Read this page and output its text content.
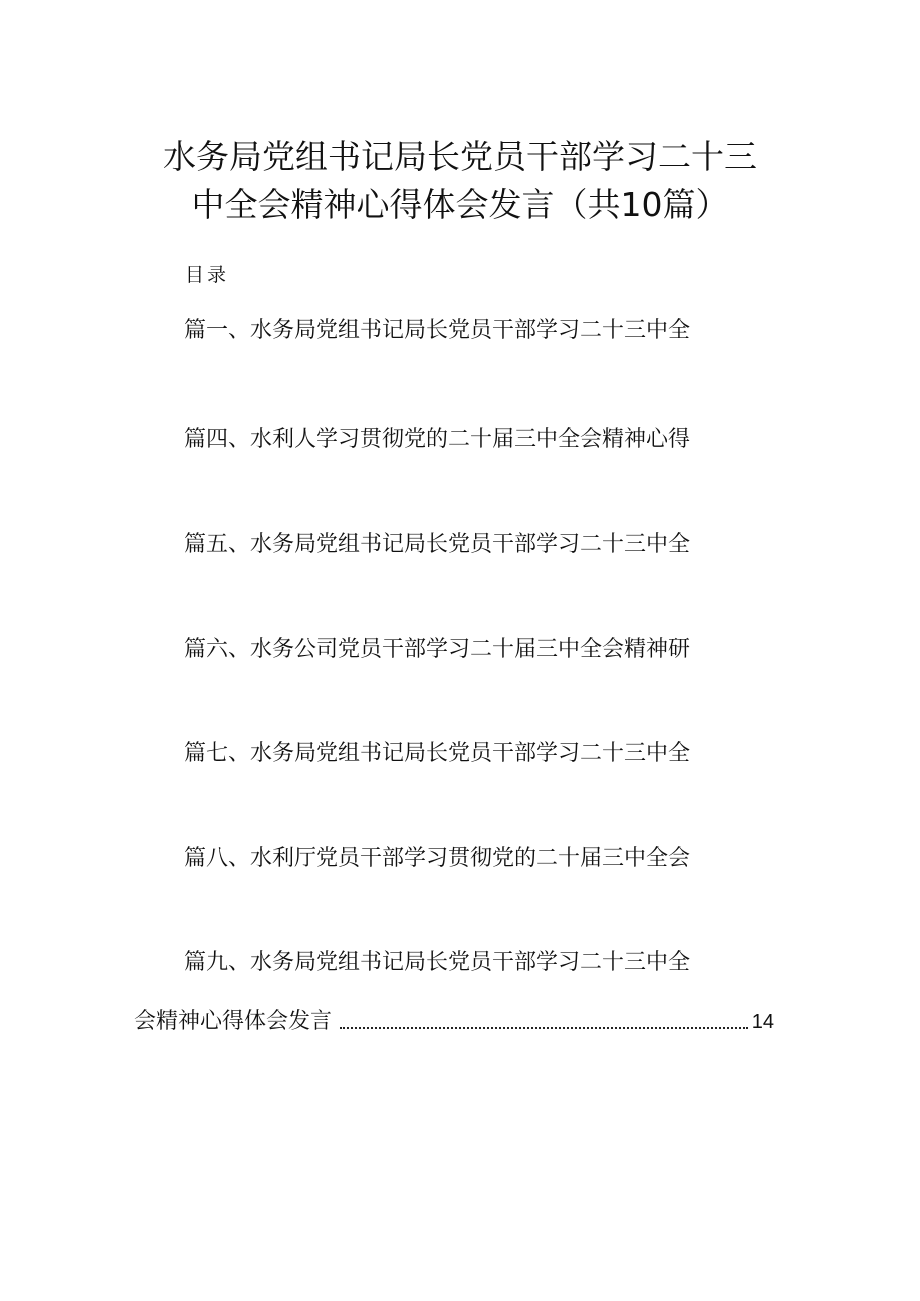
水务局党组书记局长党员干部学习二十三
中全会精神心得体会发言（共10篇）
目录
篇一、水务局党组书记局长党员干部学习二十三中全
篇四、水利人学习贯彻党的二十届三中全会精神心得
篇五、水务局党组书记局长党员干部学习二十三中全
篇六、水务公司党员干部学习二十届三中全会精神研
篇七、水务局党组书记局长党员干部学习二十三中全
篇八、水利厅党员干部学习贯彻党的二十届三中全会
篇九、水务局党组书记局长党员干部学习二十三中全
会精神心得体会发言	14
